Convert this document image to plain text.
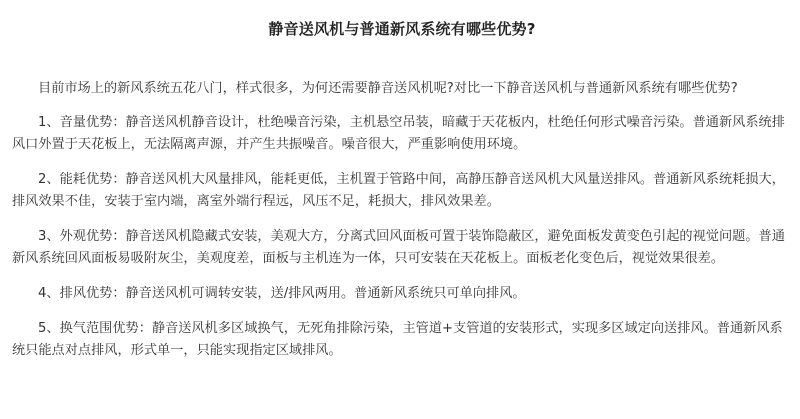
静音送风机与普通新风系统有哪些优势?

目前市场上的新风系统五花八门，样式很多，为何还需要静音送风机呢?对比一下静音送风机与普通新风系统有哪些优势?

1、音量优势：静音送风机静音设计，杜绝噪音污染，主机悬空吊装，暗藏于天花板内，杜绝任何形式噪音污染。普通新风系统排风口外置于天花板上，无法隔离声源，并产生共振噪音。噪音很大，严重影响使用环境。

2、能耗优势：静音送风机大风量排风，能耗更低，主机置于管路中间，高静压静音送风机大风量送排风。普通新风系统耗损大，排风效果不佳，安装于室内端，离室外端行程远，风压不足，耗损大，排风效果差。

3、外观优势：静音送风机隐藏式安装，美观大方，分离式回风面板可置于装饰隐蔽区，避免面板发黄变色引起的视觉问题。普通新风系统回风面板易吸附灰尘，美观度差，面板与主机连为一体，只可安装在天花板上。面板老化变色后，视觉效果很差。

4、排风优势：静音送风机可调转安装，送/排风两用。普通新风系统只可单向排风。

5、换气范围优势：静音送风机多区域换气，无死角排除污染，主管道+支管道的安装形式，实现多区域定向送排风。普通新风系统只能点对点排风，形式单一，只能实现指定区域排风。
